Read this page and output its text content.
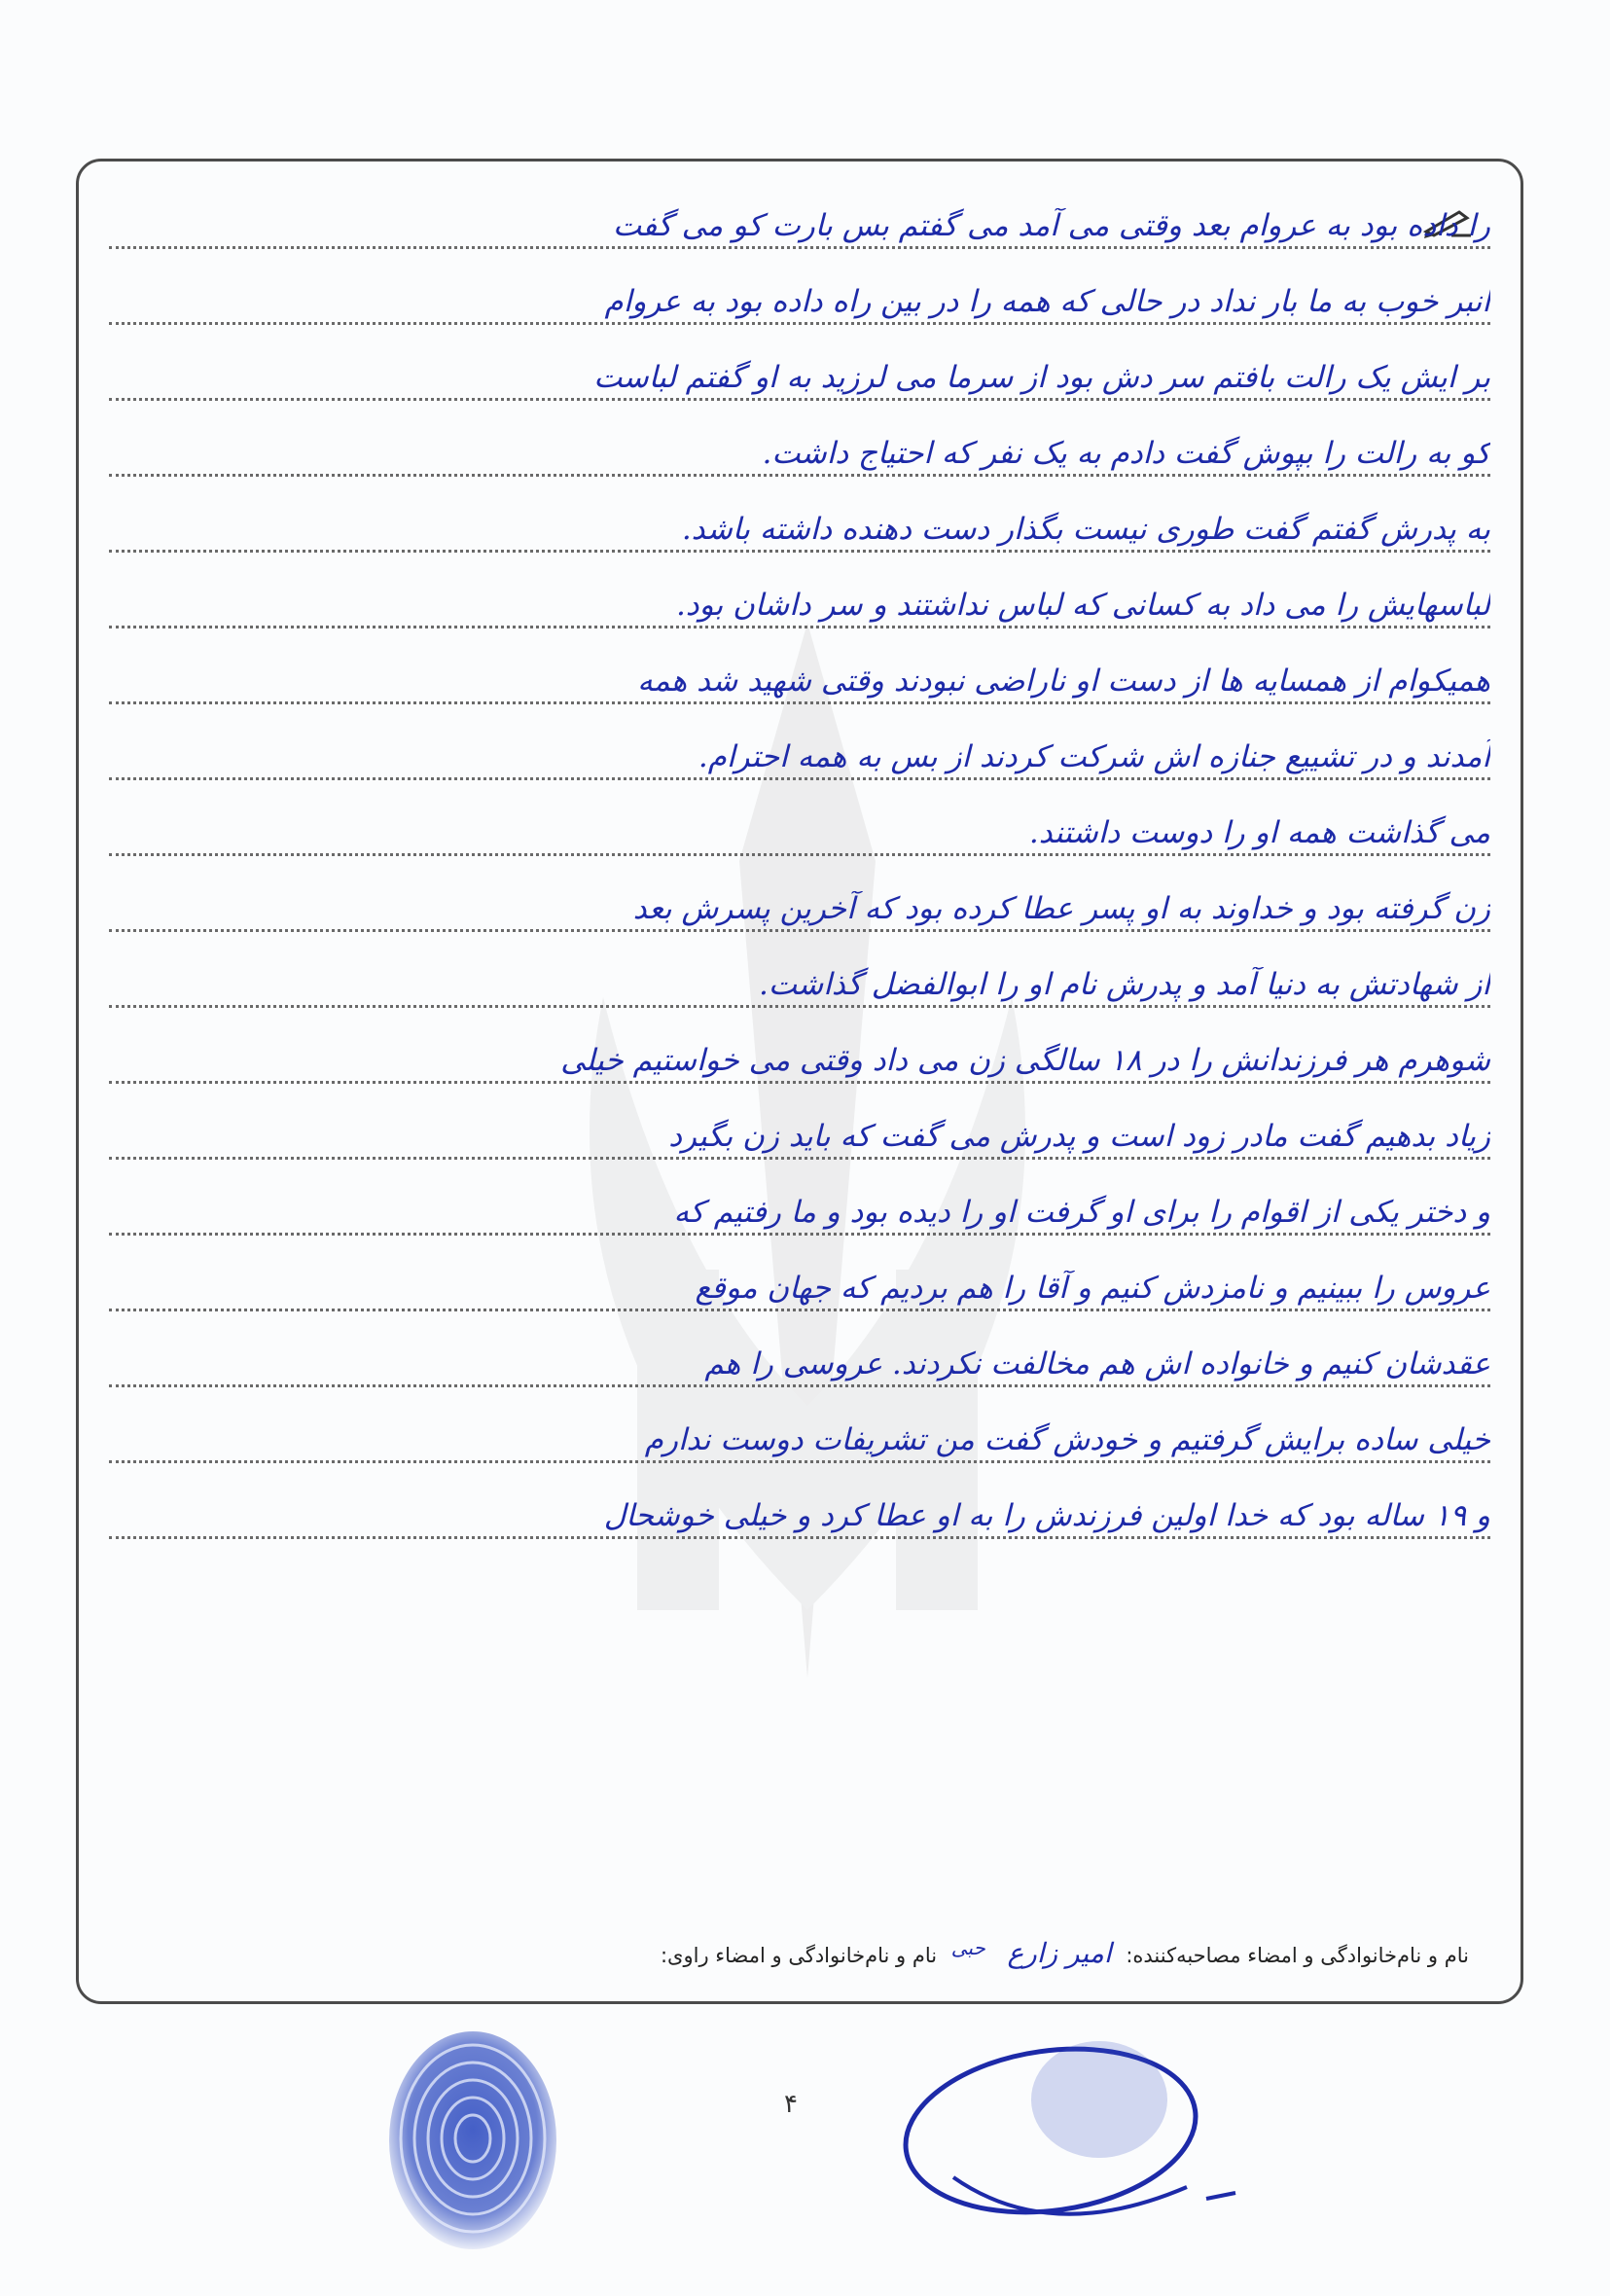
را داده بود به عروام بعد وقتی می آمد می گفتم بس بارت کو می گفت
انبر خوب به ما بار نداد در حالی که همه را در بین راه داده بود به عروام
بر ایش یک رالت بافتم سر دش بود از سرما می لرزید به او گفتم لباست
کو به رالت را بپوش گفت دادم به یک نفر که احتیاج داشت.
به پدرش گفتم گفت طوری نیست بگذار دست دهنده داشته باشد.
لباسهایش را می داد به کسانی که لباس نداشتند و سر داشان بود.
همیکوام از همسایه ها از دست او ناراضی نبودند وقتی شهید شد همه
آمدند و در تشییع جنازه اش شرکت کردند از بس به همه احترام.
می گذاشت همه او را دوست داشتند.
زن گرفته بود و خداوند به او پسر عطا کرده بود که آخرین پسرش بعد
از شهادتش به دنیا آمد و پدرش نام او را ابوالفضل گذاشت.
شوهرم هر فرزندانش را در ۱۸ سالگی زن می داد وقتی می خواستیم خیلی
زیاد بدهیم گفت مادر زود است و پدرش می گفت که باید زن بگیرد
و دختر یکی از اقوام را برای او گرفت او را دیده بود و ما رفتیم که
عروس را ببینیم و نامزدش کنیم و آقا را هم بردیم که جهان موقع
عقدشان کنیم و خانواده اش هم مخالفت نکردند. عروسی را هم
خیلی ساده برایش گرفتیم و خودش گفت من تشریفات دوست ندارم
و ۱۹ ساله بود که خدا اولین فرزندش را به او عطا کرد و خیلی خوشحال
نام و نام‌خانوادگی و امضاء مصاحبه‌کننده: امیر زارع حبی نام و نام‌خانوادگی و امضاء راوی:
۴
